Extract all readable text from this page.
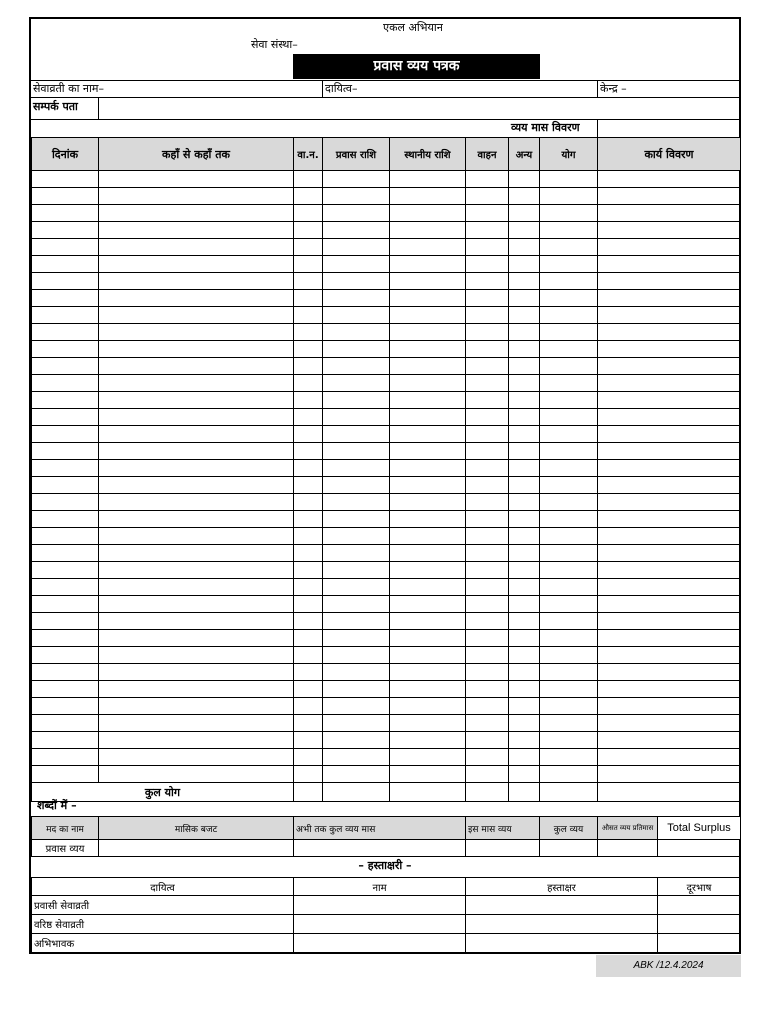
एकल अभियान
सेवा संस्था–
प्रवास व्यय पत्रक
सेवाव्रती का नाम–	दायित्व–	केन्द्र –
सम्पर्क पता
व्यय मास विवरण
दिनांक	कहाँ से कहाँ तक	वा.न.	प्रवास राशि	स्थानीय राशि	वाहन	अन्य	योग	कार्य विवरण

कुल योग								
शब्दों में –
मद का नाम	मासिक बजट	अभी तक कुल व्यय मास	इस मास व्यय	कुल व्यय	औसत व्यय प्रतिमास	Total Surplus
प्रवास व्यय						
– हस्ताक्षरी –
दायित्व	नाम	हस्ताक्षर	दूरभाष
प्रवासी सेवाव्रती			
वरिष्ठ सेवाव्रती			
अभिभावक			
ABK /12.4.2024
